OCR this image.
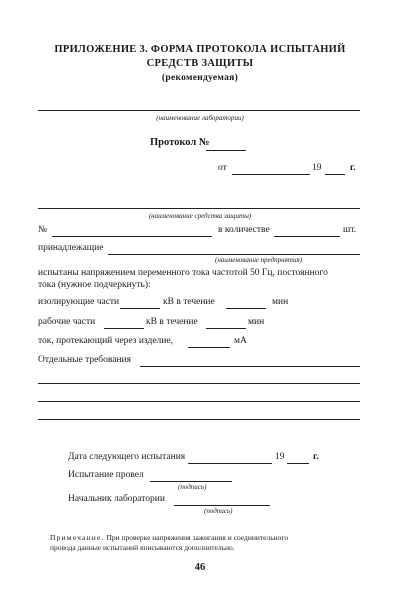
ПРИЛОЖЕНИЕ 3. ФОРМА ПРОТОКОЛА ИСПЫТАНИЙ
СРЕДСТВ ЗАЩИТЫ
(рекомендуемая)
(наименование лаборатории)
Протокол №
от	19	г.
(наименование средства защиты)
№	в количестве	шт.
принадлежащие
(наименование предприятия)
испытаны напряжением переменного тока частотой 50 Гц, постоянного
тока (нужное подчеркнуть):
изолирующие части	кВ в течение	мин
рабочие части	кВ в течение	мин
ток, протекающий через изделие,	мА
Отдельные требования
Дата следующего испытания	19	г.
Испытание провел
(подпись)
Начальник лаборатории
(подпись)
Примечание. При проверке напряжения зажигания и соединительного
провода данные испытаний вписываются дополнительно.
46
